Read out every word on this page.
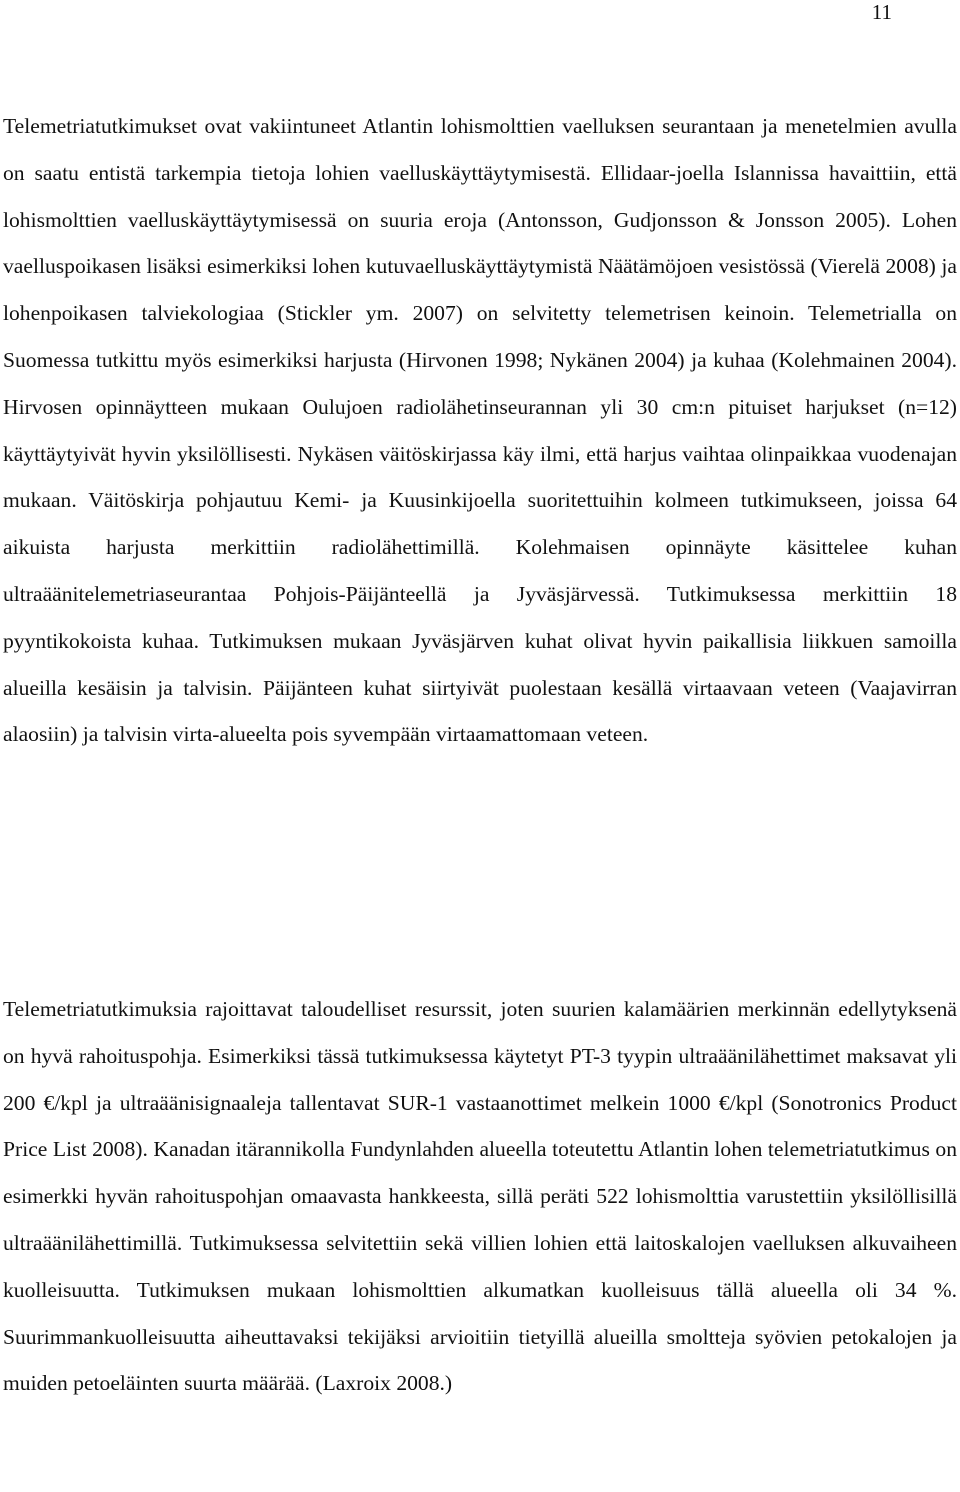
11

Telemetriatutkimukset ovat vakiintuneet Atlantin lohismolttien vaelluksen seurantaan ja menetelmien avulla on saatu entistä tarkempia tietoja lohien vaelluskäyttäytymisestä. Ellidaar-joella Islannissa havaittiin, että lohismolttien vaelluskäyttäytymisessä on suuria eroja (Antonsson, Gudjonsson & Jonsson 2005). Lohen vaelluspoikasen lisäksi esimerkiksi lohen kutuvaelluskäyttäytymistä Näätämöjoen vesistössä (Vierelä 2008) ja lohenpoikasen talviekologiaa (Stickler ym. 2007) on selvitetty telemetrisen keinoin. Telemetrialla on Suomessa tutkittu myös esimerkiksi harjusta (Hirvonen 1998; Nykänen 2004) ja kuhaa (Kolehmainen 2004). Hirvosen opinnäytteen mukaan Oulujoen radiolähetinseurannan yli 30 cm:n pituiset harjukset (n=12) käyttäytyivät hyvin yksilöllisesti. Nykäsen väitöskirjassa käy ilmi, että harjus vaihtaa olinpaikkaa vuodenajan mukaan. Väitöskirja pohjautuu Kemi- ja Kuusinkijoella suoritettuihin kolmeen tutkimukseen, joissa 64 aikuista harjusta merkittiin radiolähettimillä. Kolehmaisen opinnäyte käsittelee kuhan ultraäänitelemetriaseurantaa Pohjois-Päijänteellä ja Jyväsjärvessä. Tutkimuksessa merkittiin 18 pyyntikokoista kuhaa. Tutkimuksen mukaan Jyväsjärven kuhat olivat hyvin paikallisia liikkuen samoilla alueilla kesäisin ja talvisin. Päijänteen kuhat siirtyivät puolestaan kesällä virtaavaan veteen (Vaajavirran alaosiin) ja talvisin virta-alueelta pois syvempään virtaamattomaan veteen.

Telemetriatutkimuksia rajoittavat taloudelliset resurssit, joten suurien kalamäärien merkinnän edellytyksenä on hyvä rahoituspohja. Esimerkiksi tässä tutkimuksessa käytetyt PT-3 tyypin ultraäänilähettimet maksavat yli 200 €/kpl ja ultraäänisignaaleja tallentavat SUR-1 vastaanottimet melkein 1000 €/kpl (Sonotronics Product Price List 2008). Kanadan itärannikolla Fundynlahden alueella toteutettu Atlantin lohen telemetriatutkimus on esimerkki hyvän rahoituspohjan omaavasta hankkeesta, sillä peräti 522 lohismolttia varustettiin yksilöllisillä ultraäänilähettimillä. Tutkimuksessa selvitettiin sekä villien lohien että laitoskalojen vaelluksen alkuvaiheen kuolleisuutta. Tutkimuksen mukaan lohismolttien alkumatkan kuolleisuus tällä alueella oli 34 %. Suurimmankuolleisuutta aiheuttavaksi tekijäksi arvioitiin tietyillä alueilla smoltteja syövien petokalojen ja muiden petoeläinten suurta määrää. (Laxroix 2008.)
